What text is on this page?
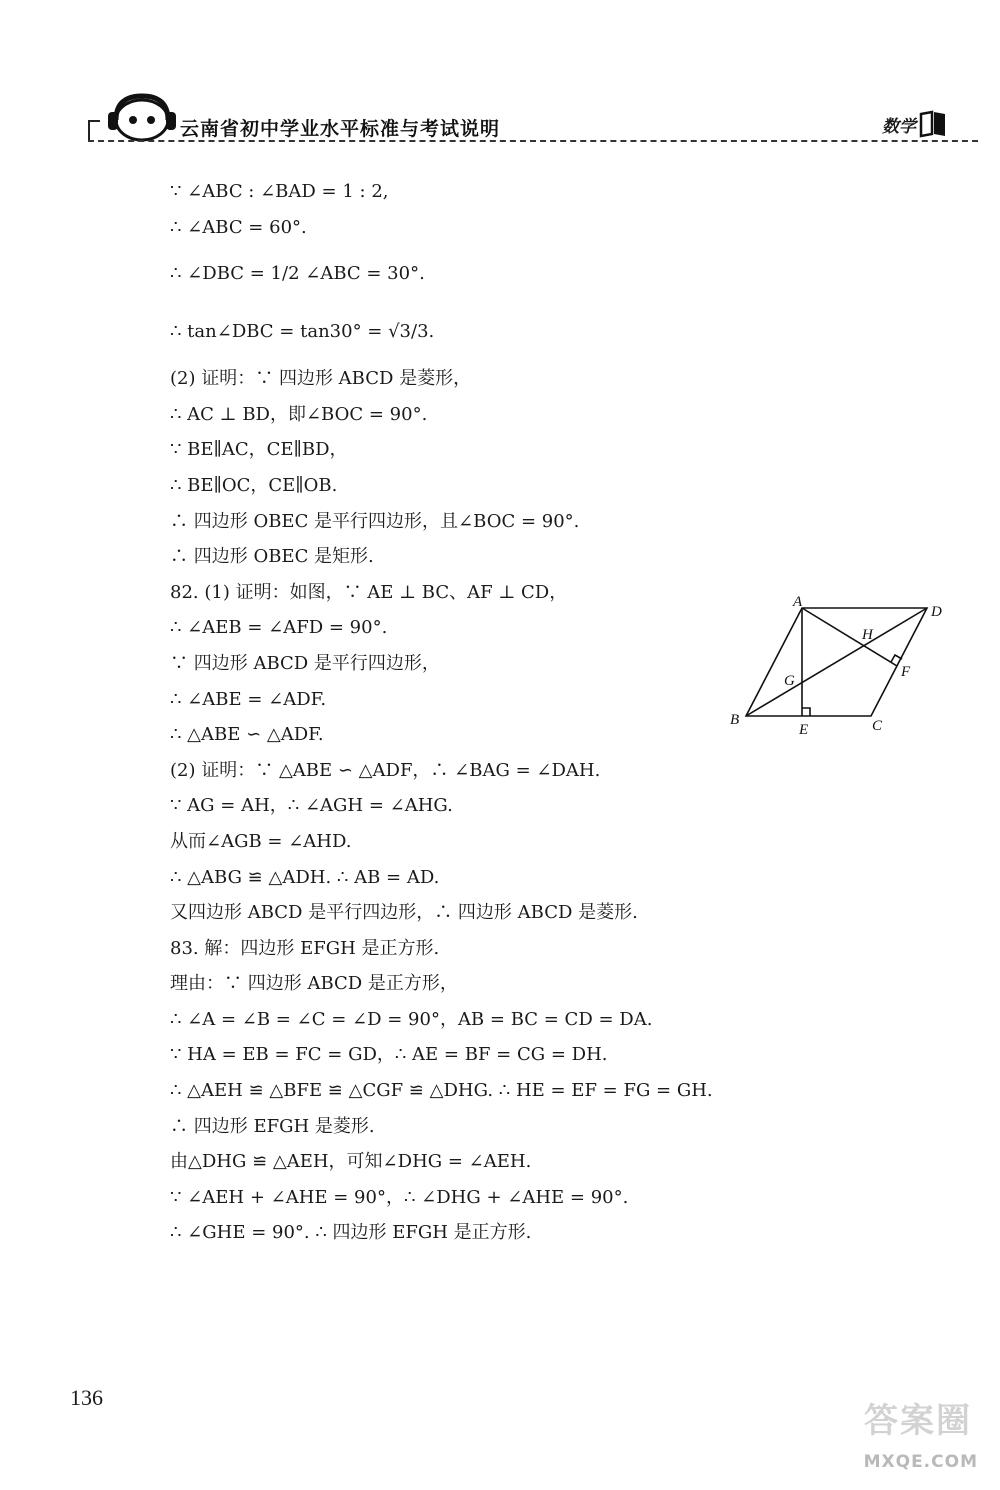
云南省初中学业水平标准与考试说明	数学
∵ ∠ABC : ∠BAD = 1 : 2,
∴ ∠ABC = 60°.
∴ ∠DBC = 1/2 ∠ABC = 30°.
∴ tan∠DBC = tan30° = √3/3.
(2) 证明：∵ 四边形 ABCD 是菱形，
∴ AC ⊥ BD，即∠BOC = 90°.
∵ BE∥AC，CE∥BD，
∴ BE∥OC，CE∥OB.
∴ 四边形 OBEC 是平行四边形，且∠BOC = 90°.
∴ 四边形 OBEC 是矩形.
82. (1) 证明：如图，∵ AE ⊥ BC、AF ⊥ CD，
∴ ∠AEB = ∠AFD = 90°.
∵ 四边形 ABCD 是平行四边形，
∴ ∠ABE = ∠ADF.
∴ △ABE ∽ △ADF.
(2) 证明：∵ △ABE ∽ △ADF，∴ ∠BAG = ∠DAH.
∵ AG = AH，∴ ∠AGH = ∠AHG.
从而∠AGB = ∠AHD.
∴ △ABG ≌ △ADH. ∴ AB = AD.
又四边形 ABCD 是平行四边形，∴ 四边形 ABCD 是菱形.
83. 解：四边形 EFGH 是正方形.
理由：∵ 四边形 ABCD 是正方形，
∴ ∠A = ∠B = ∠C = ∠D = 90°，AB = BC = CD = DA.
∵ HA = EB = FC = GD，∴ AE = BF = CG = DH.
∴ △AEH ≌ △BFE ≌ △CGF ≌ △DHG. ∴ HE = EF = FG = GH.
∴ 四边形 EFGH 是菱形.
由△DHG ≌ △AEH，可知∠DHG = ∠AEH.
∵ ∠AEH + ∠AHE = 90°，∴ ∠DHG + ∠AHE = 90°.
∴ ∠GHE = 90°. ∴ 四边形 EFGH 是正方形.
A
D
H
F
G
B
E	C
136
答案圈
MXQE.COM
